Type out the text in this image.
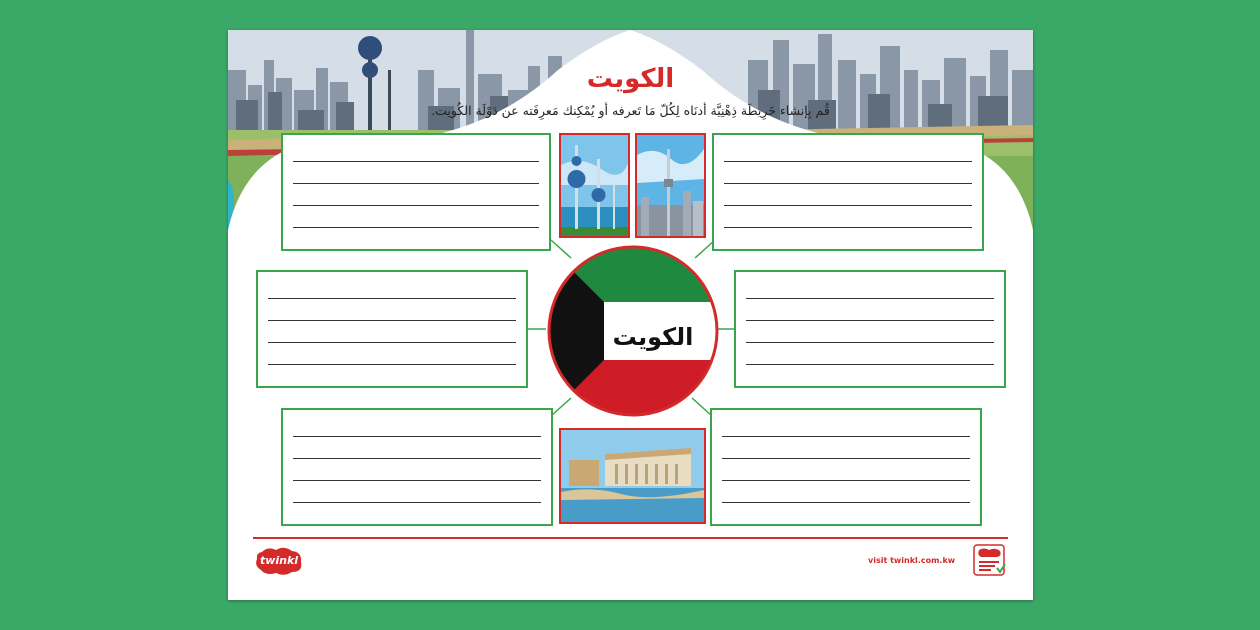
الكويت
قُم بِإنشاء خَرِيطَة ذِهْنِيَّة أدنَاه لِكُلّ مَا تَعرفه أو يُمْكِنك مَعرِفَته عن دَوْلَة الكُويت.
الكويت
twinkl	visit twinkl.com.kw
